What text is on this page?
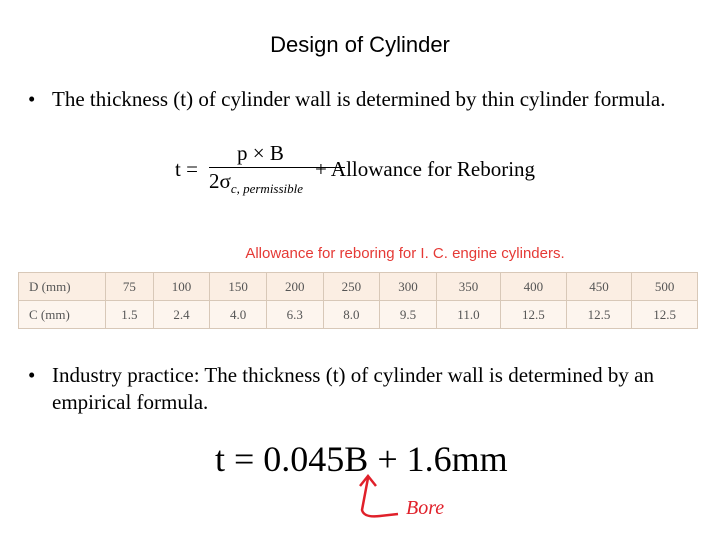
Design of Cylinder
• The thickness (t) of cylinder wall is determined by thin cylinder formula.
t =
p × B
$2\sigma_{c, permissible}$
+ Allowance for Reboring
Allowance for reboring for I. C. engine cylinders.
D (mm)	75	100	150	200	250	300	350	400	450	500
C (mm)	1.5	2.4	4.0	6.3	8.0	9.5	11.0	12.5	12.5	12.5
• Industry practice: The thickness (t) of cylinder wall is determined by an empirical formula.
t = 0.045B + 1.6mm
Bore
